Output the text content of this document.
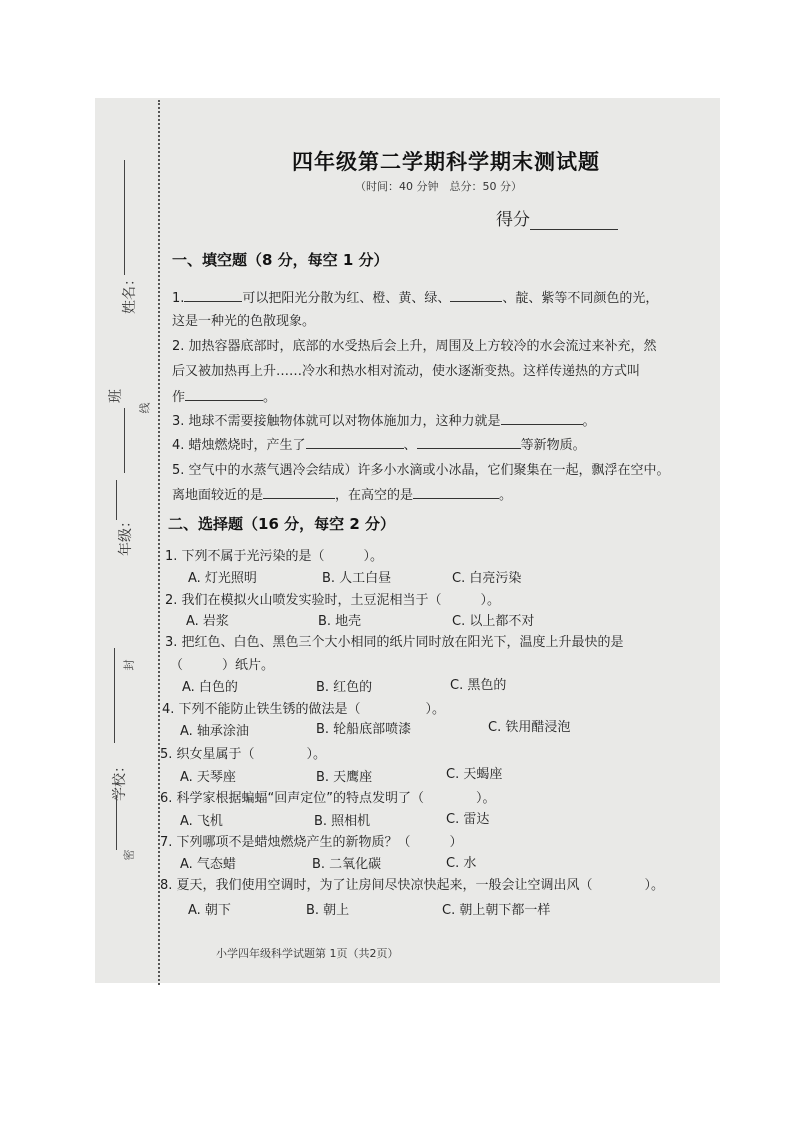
姓名：
班
年级：
学校：
线
封
密
四年级第二学期科学期末测试题
（时间：40 分钟　总分：50 分）
得分
一、填空题（8 分，每空 1 分）
1.	可以把阳光分散为红、橙、黄、绿、	、靛、紫等不同颜色的光，
这是一种光的色散现象。
2. 加热容器底部时，底部的水受热后会上升，周围及上方较冷的水会流过来补充，然
后又被加热再上升……冷水和热水相对流动，使水逐渐变热。这样传递热的方式叫
作	。
3. 地球不需要接触物体就可以对物体施加力，这种力就是	。
4. 蜡烛燃烧时，产生了	、	等新物质。
5. 空气中的水蒸气遇冷会结成）许多小水滴或小冰晶，它们聚集在一起，飘浮在空中。
离地面较近的是	，在高空的是	。
二、选择题（16 分，每空 2 分）
1. 下列不属于光污染的是（　　　）。
A. 灯光照明	B. 人工白昼	C. 白亮污染
2. 我们在模拟火山喷发实验时，土豆泥相当于（　　　）。
A. 岩浆	B. 地壳	C. 以上都不对
3. 把红色、白色、黑色三个大小相同的纸片同时放在阳光下，温度上升最快的是
（　　　）纸片。
A. 白色的	B. 红色的	C. 黑色的
4. 下列不能防止铁生锈的做法是（　　　　　）。
A. 轴承涂油	B. 轮船底部喷漆	C. 铁用醋浸泡
5. 织女星属于（　　　　）。
A. 天琴座	B. 天鹰座	C. 天蝎座
6. 科学家根据蝙蝠“回声定位”的特点发明了（　　　　）。
A. 飞机	B. 照相机	C. 雷达
7. 下列哪项不是蜡烛燃烧产生的新物质？（　　　）
A. 气态蜡	B. 二氧化碳	C. 水
8. 夏天，我们使用空调时，为了让房间尽快凉快起来，一般会让空调出风（　　　　）。
A. 朝下	B. 朝上	C. 朝上朝下都一样
小学四年级科学试题第 1页（共2页）
